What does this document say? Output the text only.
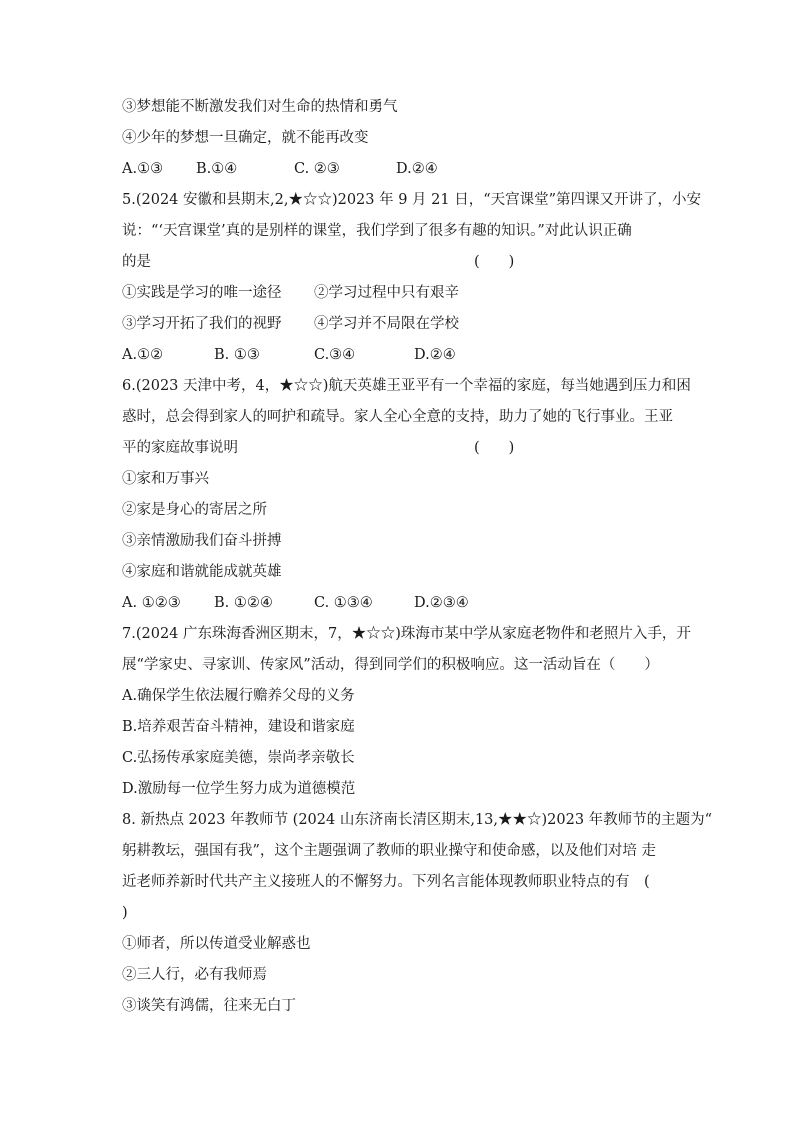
③梦想能不断激发我们对生命的热情和勇气
④少年的梦想一旦确定，就不能再改变
A.①③ B.①④	C. ②③	D.②④
5.(2024 安徽和县期末,2,★☆☆)2023 年 9 月 21 日，“天宫课堂”第四课又开讲了，小安
说：“‘天宫课堂’真的是别样的课堂，我们学到了很多有趣的知识。”对此认识正确
的是	(　　)
①实践是学习的唯一途径 ②学习过程中只有艰辛
③学习开拓了我们的视野 ④学习并不局限在学校
A.①②	B. ①③	C.③④	D.②④
6.(2023 天津中考，4，★☆☆)航天英雄王亚平有一个幸福的家庭，每当她遇到压力和困
惑时，总会得到家人的呵护和疏导。家人全心全意的支持，助力了她的飞行事业。王亚
平的家庭故事说明	(　　)
①家和万事兴
②家是身心的寄居之所
③亲情激励我们奋斗拼搏
④家庭和谐就能成就英雄
A. ①②③ B. ①②④	C. ①③④	D.②③④
7.(2024 广东珠海香洲区期末，7，★☆☆)珠海市某中学从家庭老物件和老照片入手，开
展“学家史、寻家训、传家风”活动，得到同学们的积极响应。这一活动旨在（　　）
A.确保学生依法履行赡养父母的义务
B.培养艰苦奋斗精神，建设和谐家庭
C.弘扬传承家庭美德，崇尚孝亲敬长
D.激励每一位学生努力成为道德模范
8. 新热点 2023 年教师节 (2024 山东济南长清区期末,13,★★☆)2023 年教师节的主题为“
躬耕教坛，强国有我”，这个主题强调了教师的职业操守和使命感，以及他们对培 走
近老师养新时代共产主义接班人的不懈努力。下列名言能体现教师职业特点的有　(
)
①师者，所以传道受业解惑也
②三人行，必有我师焉
③谈笑有鸿儒，往来无白丁
